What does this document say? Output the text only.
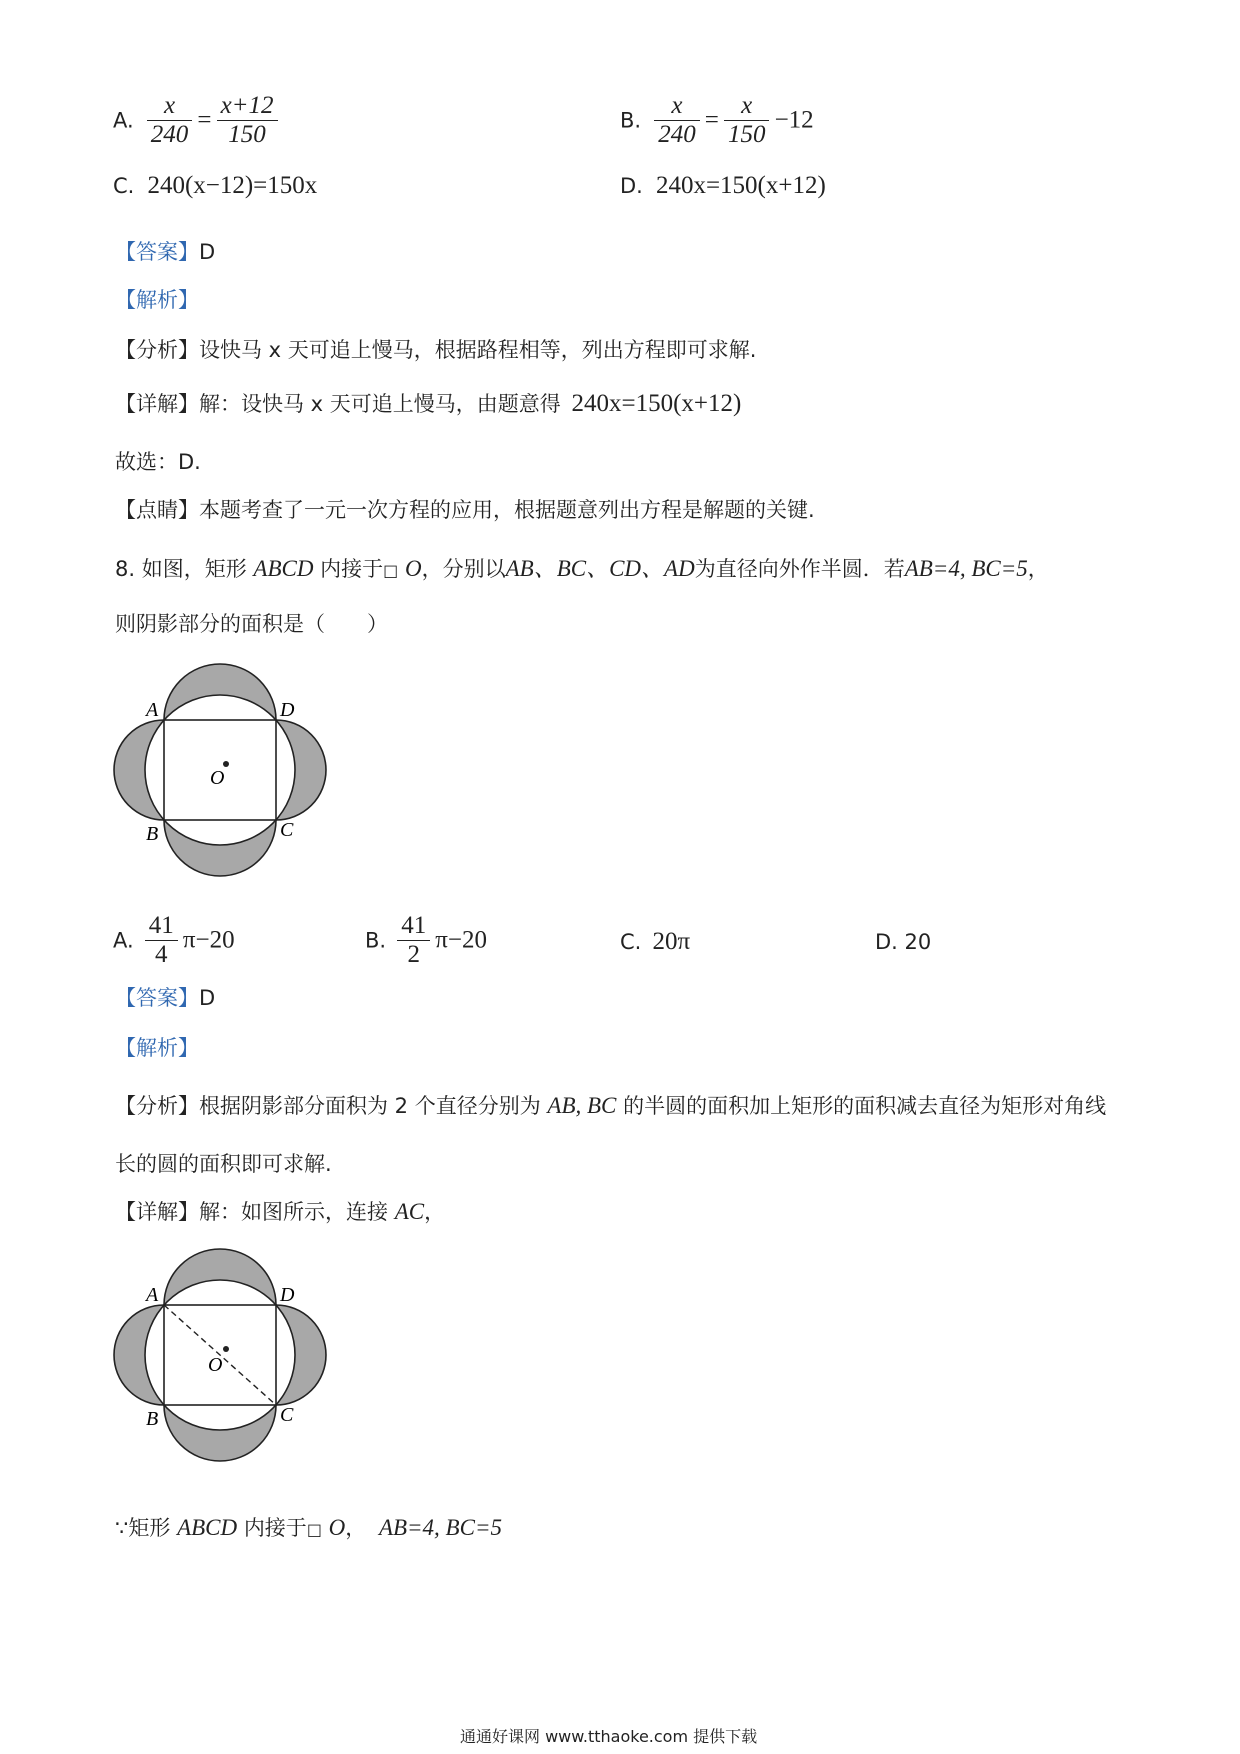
A. $\frac{x}{240} = \frac{x+12}{150}$	B. $\frac{x}{240} = \frac{x}{150} -12$
C. 240(x−12)=150x	D. 240x=150(x+12)
【答案】D
【解析】
【分析】设快马 x 天可追上慢马，根据路程相等，列出方程即可求解.
【详解】解：设快马 x 天可追上慢马，由题意得 240x=150(x+12)
故选：D.
【点睛】本题考查了一元一次方程的应用，根据题意列出方程是解题的关键.
8. 如图，矩形 ABCD 内接于□ O，分别以AB、BC、CD、AD为直径向外作半圆．若AB=4, BC=5，
则阴影部分的面积是（　　）
A	D
B	C
O
A. $\frac{41}{4} \pi-20$	B. $\frac{41}{2} \pi-20$	C. 20π	D. 20
【答案】D
【解析】
【分析】根据阴影部分面积为 2 个直径分别为 AB, BC 的半圆的面积加上矩形的面积减去直径为矩形对角线
长的圆的面积即可求解.
【详解】解：如图所示，连接 AC，
A	D
B	C
O
∵矩形 ABCD 内接于□ O， AB=4, BC=5
通通好课网 www.tthaoke.com 提供下载
